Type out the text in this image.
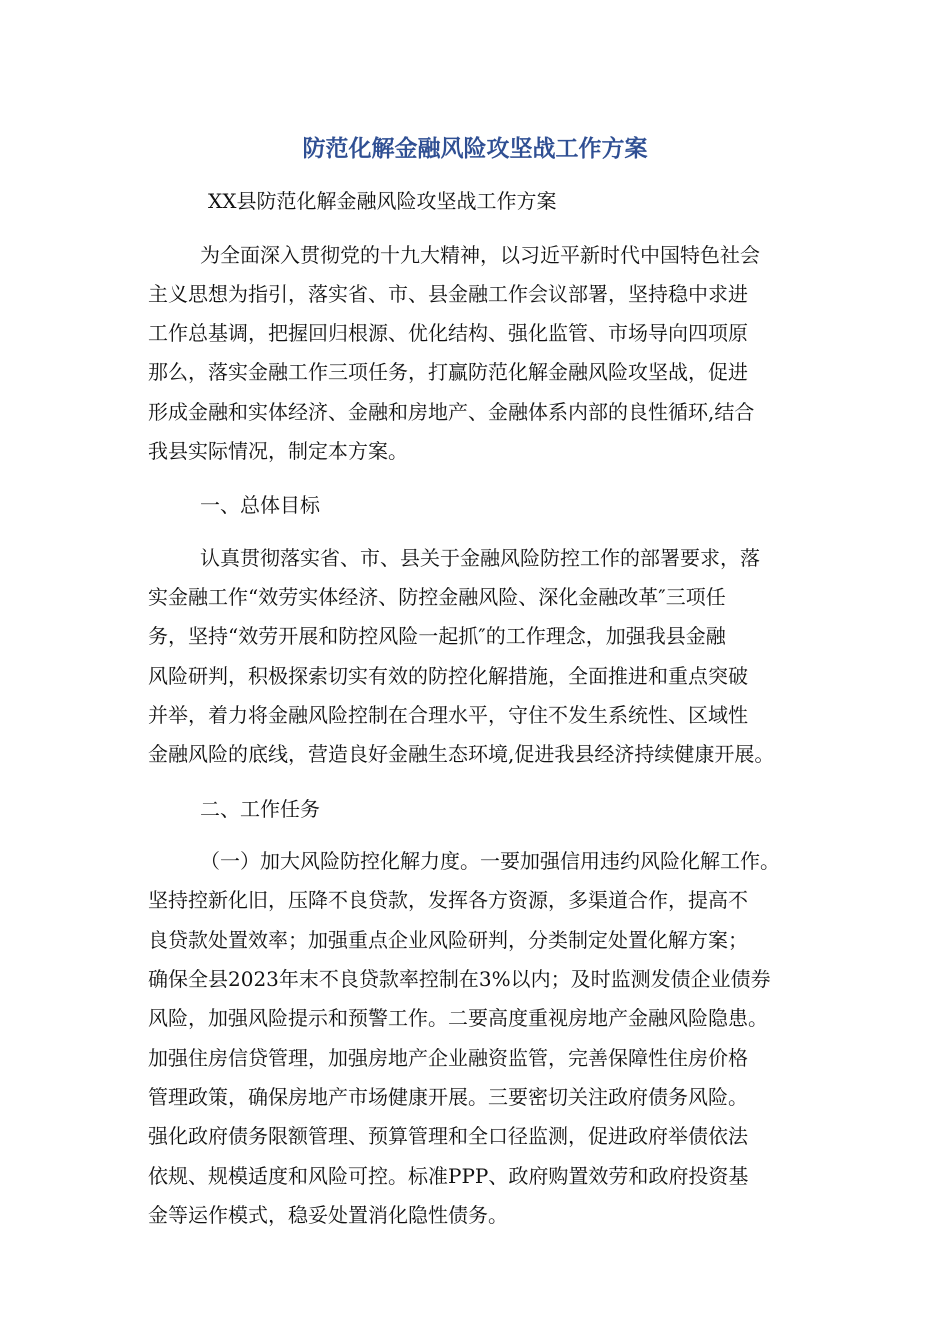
防范化解金融风险攻坚战工作方案
XX县防范化解金融风险攻坚战工作方案
为全面深入贯彻党的十九大精神，以习近平新时代中国特色社会
主义思想为指引，落实省、市、县金融工作会议部署，坚持稳中求进
工作总基调，把握回归根源、优化结构、强化监管、市场导向四项原
那么，落实金融工作三项任务，打赢防范化解金融风险攻坚战，促进
形成金融和实体经济、金融和房地产、金融体系内部的良性循环,结合
我县实际情况，制定本方案。
一、总体目标
认真贯彻落实省、市、县关于金融风险防控工作的部署要求，落
实金融工作“效劳实体经济、防控金融风险、深化金融改革″三项任
务，坚持“效劳开展和防控风险一起抓″的工作理念，加强我县金融
风险研判，积极探索切实有效的防控化解措施，全面推进和重点突破
并举，着力将金融风险控制在合理水平，守住不发生系统性、区域性
金融风险的底线，营造良好金融生态环境,促进我县经济持续健康开展。
二、工作任务
（一）加大风险防控化解力度。一要加强信用违约风险化解工作。
坚持控新化旧，压降不良贷款，发挥各方资源，多渠道合作，提高不
良贷款处置效率；加强重点企业风险研判，分类制定处置化解方案；
确保全县2023年末不良贷款率控制在3%以内；及时监测发债企业债券
风险，加强风险提示和预警工作。二要高度重视房地产金融风险隐患。
加强住房信贷管理，加强房地产企业融资监管，完善保障性住房价格
管理政策，确保房地产市场健康开展。三要密切关注政府债务风险。
强化政府债务限额管理、预算管理和全口径监测，促进政府举债依法
依规、规模适度和风险可控。标准PPP、政府购置效劳和政府投资基
金等运作模式，稳妥处置消化隐性债务。
